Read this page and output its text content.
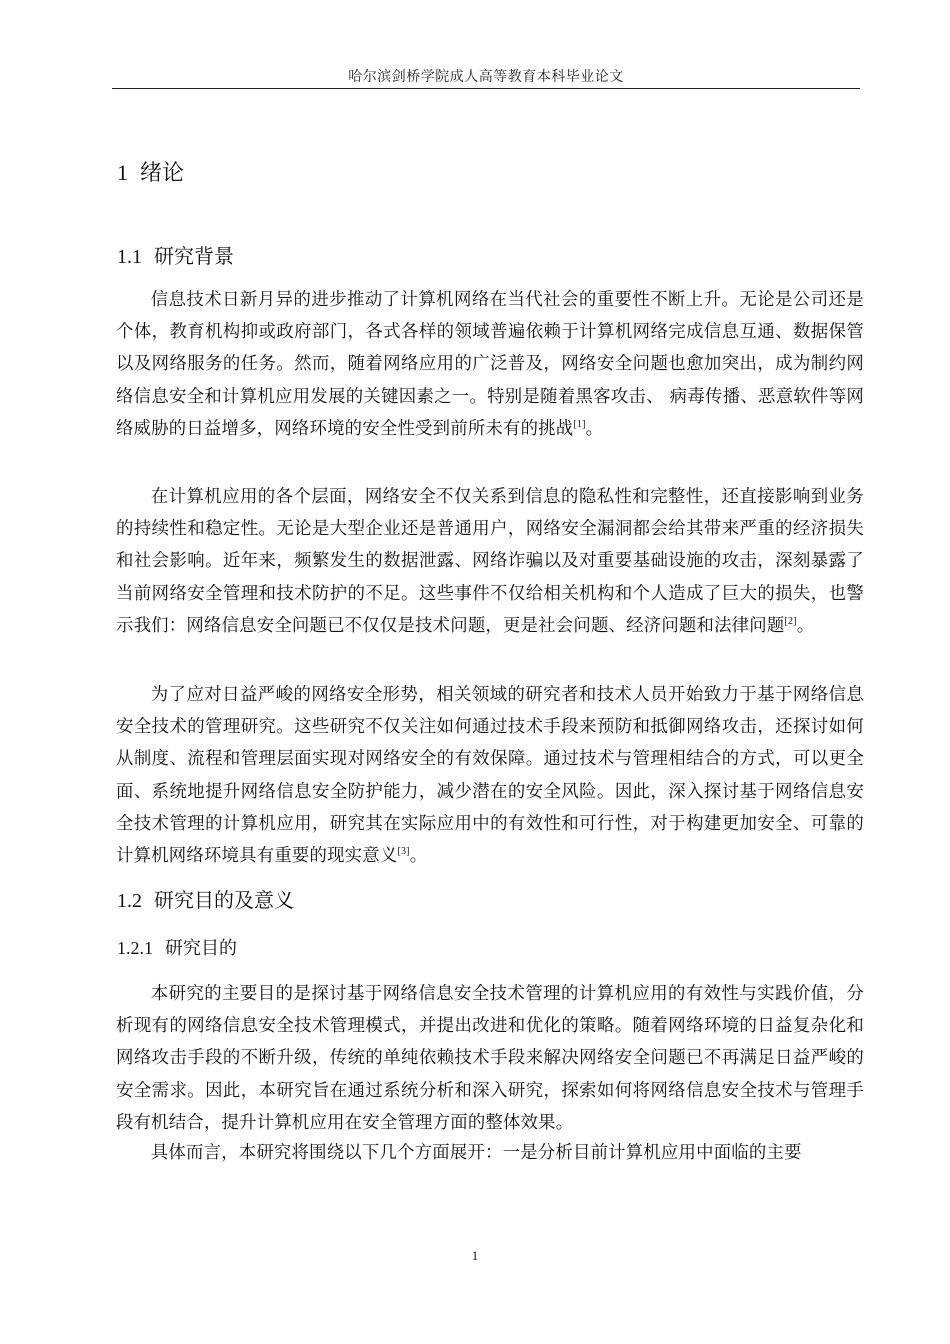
哈尔滨剑桥学院成人高等教育本科毕业论文
1 绪论
1.1 研究背景

信息技术日新月异的进步推动了计算机网络在当代社会的重要性不断上升。无论是公司还是个体，教育机构抑或政府部门，各式各样的领域普遍依赖于计算机网络完成信息互通、数据保管以及网络服务的任务。然而，随着网络应用的广泛普及，网络安全问题也愈加突出，成为制约网络信息安全和计算机应用发展的关键因素之一。特别是随着黑客攻击、 病毒传播、恶意软件等网络威胁的日益增多，网络环境的安全性受到前所未有的挑战[1]。

在计算机应用的各个层面，网络安全不仅关系到信息的隐私性和完整性，还直接影响到业务的持续性和稳定性。无论是大型企业还是普通用户，网络安全漏洞都会给其带来严重的经济损失和社会影响。近年来，频繁发生的数据泄露、网络诈骗以及对重要基础设施的攻击，深刻暴露了当前网络安全管理和技术防护的不足。这些事件不仅给相关机构和个人造成了巨大的损失，也警示我们：网络信息安全问题已不仅仅是技术问题，更是社会问题、经济问题和法律问题[2]。

为了应对日益严峻的网络安全形势，相关领域的研究者和技术人员开始致力于基于网络信息安全技术的管理研究。这些研究不仅关注如何通过技术手段来预防和抵御网络攻击，还探讨如何从制度、流程和管理层面实现对网络安全的有效保障。通过技术与管理相结合的方式，可以更全面、系统地提升网络信息安全防护能力，减少潜在的安全风险。因此，深入探讨基于网络信息安全技术管理的计算机应用，研究其在实际应用中的有效性和可行性，对于构建更加安全、可靠的计算机网络环境具有重要的现实意义[3]。

1.2 研究目的及意义
1.2.1 研究目的

本研究的主要目的是探讨基于网络信息安全技术管理的计算机应用的有效性与实践价值，分析现有的网络信息安全技术管理模式，并提出改进和优化的策略。随着网络环境的日益复杂化和网络攻击手段的不断升级，传统的单纯依赖技术手段来解决网络安全问题已不再满足日益严峻的安全需求。因此，本研究旨在通过系统分析和深入研究，探索如何将网络信息安全技术与管理手段有机结合，提升计算机应用在安全管理方面的整体效果。

具体而言，本研究将围绕以下几个方面展开：一是分析目前计算机应用中面临的主要

1
